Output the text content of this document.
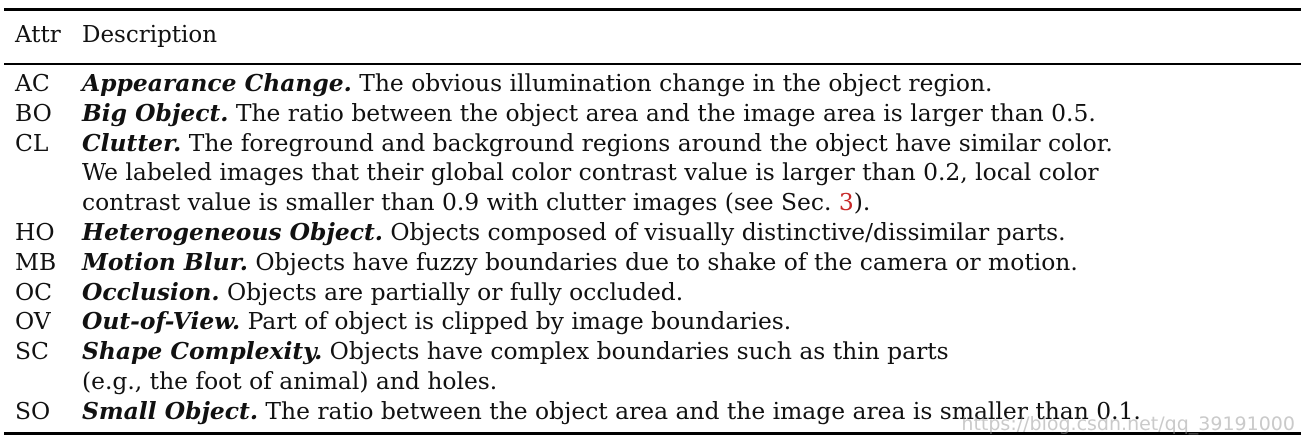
Attr Description
AC	Appearance Change. The obvious illumination change in the object region.
BO	Big Object. The ratio between the object area and the image area is larger than 0.5.
CL	Clutter. The foreground and background regions around the object have similar color.
We labeled images that their global color contrast value is larger than 0.2, local color
contrast value is smaller than 0.9 with clutter images (see Sec. 3).
HO	Heterogeneous Object. Objects composed of visually distinctive/dissimilar parts.
MB	Motion Blur. Objects have fuzzy boundaries due to shake of the camera or motion.
OC	Occlusion. Objects are partially or fully occluded.
OV	Out-of-View. Part of object is clipped by image boundaries.
SC	Shape Complexity. Objects have complex boundaries such as thin parts
(e.g., the foot of animal) and holes.
SO	Small Object. The ratio between the object area and the image area is smaller than 0.1.
https://blog.csdn.net/qq_39191000
